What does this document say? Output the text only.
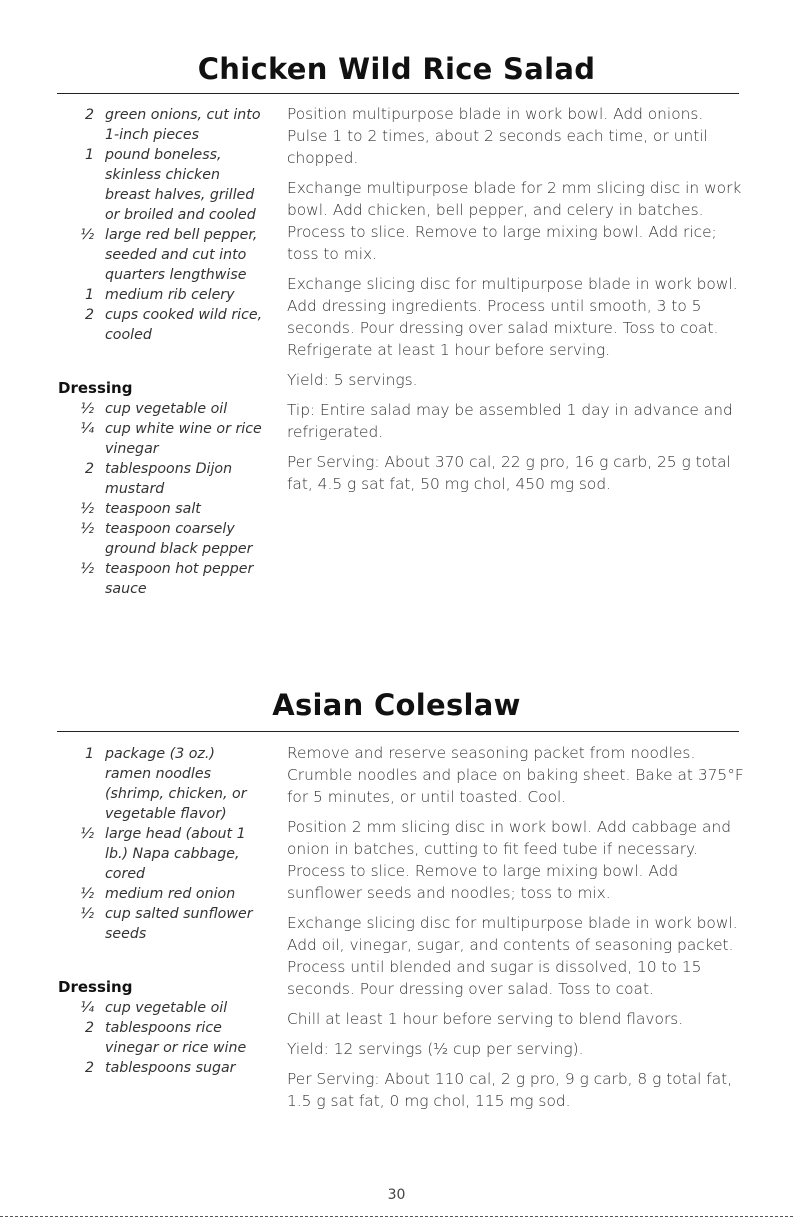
Chicken Wild Rice Salad
2 green onions, cut into 1-inch pieces
1 pound boneless, skinless chicken breast halves, grilled or broiled and cooled
½ large red bell pepper, seeded and cut into quarters lengthwise
1 medium rib celery
2 cups cooked wild rice, cooled
Dressing
½ cup vegetable oil
¼ cup white wine or rice vinegar
2 tablespoons Dijon mustard
½ teaspoon salt
½ teaspoon coarsely ground black pepper
½ teaspoon hot pepper sauce

Position multipurpose blade in work bowl. Add onions. Pulse 1 to 2 times, about 2 seconds each time, or until chopped.

Exchange multipurpose blade for 2 mm slicing disc in work bowl. Add chicken, bell pepper, and celery in batches. Process to slice. Remove to large mixing bowl. Add rice; toss to mix.

Exchange slicing disc for multipurpose blade in work bowl. Add dressing ingredients. Process until smooth, 3 to 5 seconds. Pour dressing over salad mixture. Toss to coat. Refrigerate at least 1 hour before serving.

Yield: 5 servings.

Tip: Entire salad may be assembled 1 day in advance and refrigerated.

Per Serving: About 370 cal, 22 g pro, 16 g carb, 25 g total fat, 4.5 g sat fat, 50 mg chol, 450 mg sod.

Asian Coleslaw
1 package (3 oz.) ramen noodles (shrimp, chicken, or vegetable flavor)
½ large head (about 1 lb.) Napa cabbage, cored
½ medium red onion
½ cup salted sunflower seeds
Dressing
¼ cup vegetable oil
2 tablespoons rice vinegar or rice wine
2 tablespoons sugar

Remove and reserve seasoning packet from noodles. Crumble noodles and place on baking sheet. Bake at 375°F for 5 minutes, or until toasted. Cool.

Position 2 mm slicing disc in work bowl. Add cabbage and onion in batches, cutting to fit feed tube if necessary. Process to slice. Remove to large mixing bowl. Add sunflower seeds and noodles; toss to mix.

Exchange slicing disc for multipurpose blade in work bowl. Add oil, vinegar, sugar, and contents of seasoning packet. Process until blended and sugar is dissolved, 10 to 15 seconds. Pour dressing over salad. Toss to coat.

Chill at least 1 hour before serving to blend flavors.

Yield: 12 servings (½ cup per serving).

Per Serving: About 110 cal, 2 g pro, 9 g carb, 8 g total fat, 1.5 g sat fat, 0 mg chol, 115 mg sod.

30
